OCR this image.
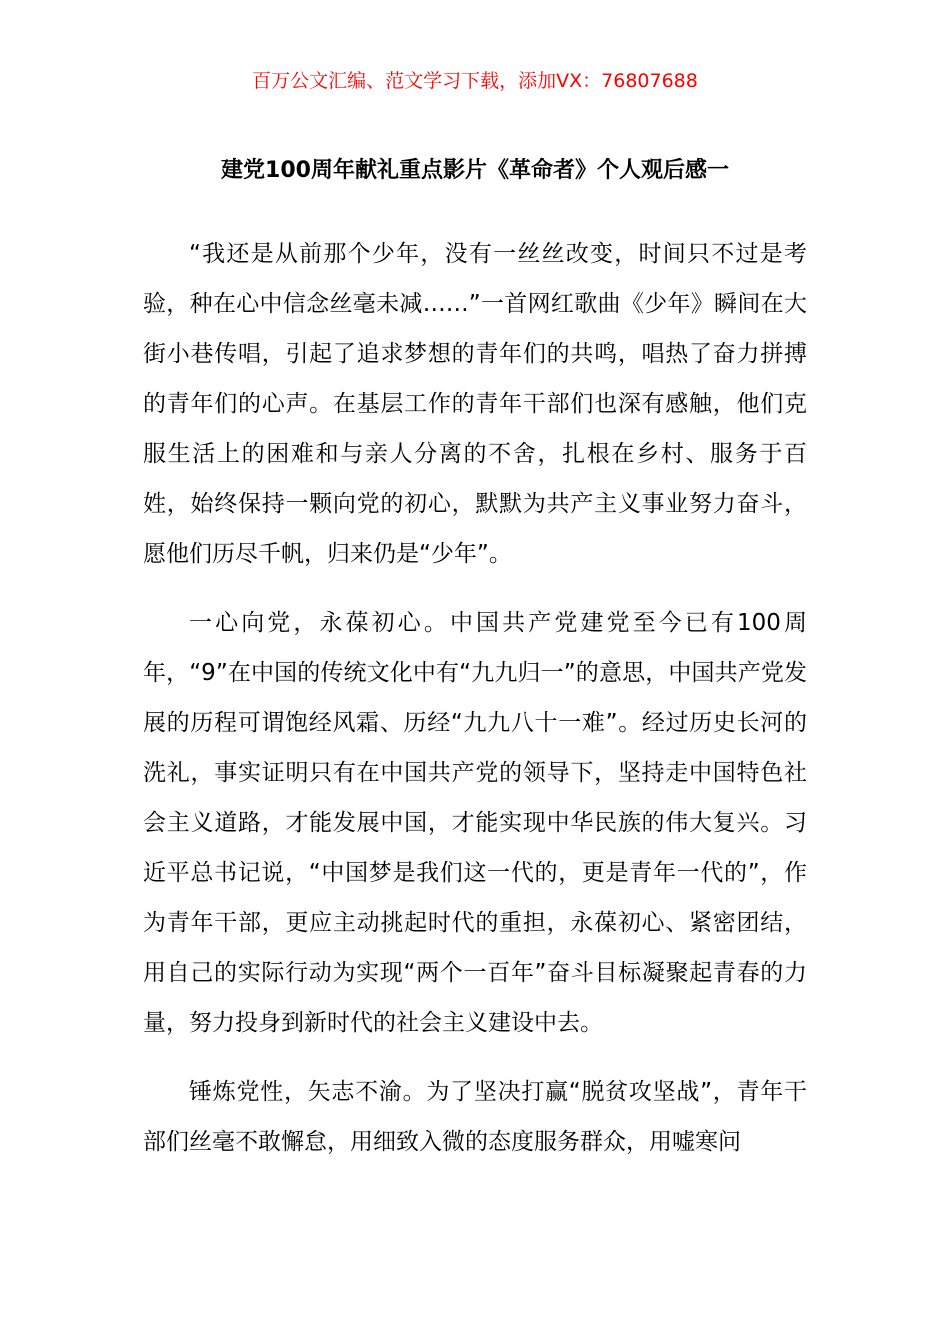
百万公文汇编、范文学习下载，添加VX：76807688
建党100周年献礼重点影片《革命者》个人观后感一

“我还是从前那个少年，没有一丝丝改变，时间只不过是考验，种在心中信念丝毫未减……”一首网红歌曲《少年》瞬间在大街小巷传唱，引起了追求梦想的青年们的共鸣，唱热了奋力拼搏的青年们的心声。在基层工作的青年干部们也深有感触，他们克服生活上的困难和与亲人分离的不舍，扎根在乡村、服务于百姓，始终保持一颗向党的初心，默默为共产主义事业努力奋斗，愿他们历尽千帆，归来仍是“少年”。

一心向党，永葆初心。中国共产党建党至今已有100周年，“9”在中国的传统文化中有“九九归一”的意思，中国共产党发展的历程可谓饱经风霜、历经“九九八十一难”。经过历史长河的洗礼，事实证明只有在中国共产党的领导下，坚持走中国特色社会主义道路，才能发展中国，才能实现中华民族的伟大复兴。习近平总书记说，“中国梦是我们这一代的，更是青年一代的”，作为青年干部，更应主动挑起时代的重担，永葆初心、紧密团结，用自己的实际行动为实现“两个一百年”奋斗目标凝聚起青春的力量，努力投身到新时代的社会主义建设中去。

锤炼党性，矢志不渝。为了坚决打赢“脱贫攻坚战”，青年干部们丝毫不敢懈怠，用细致入微的态度服务群众，用嘘寒问
